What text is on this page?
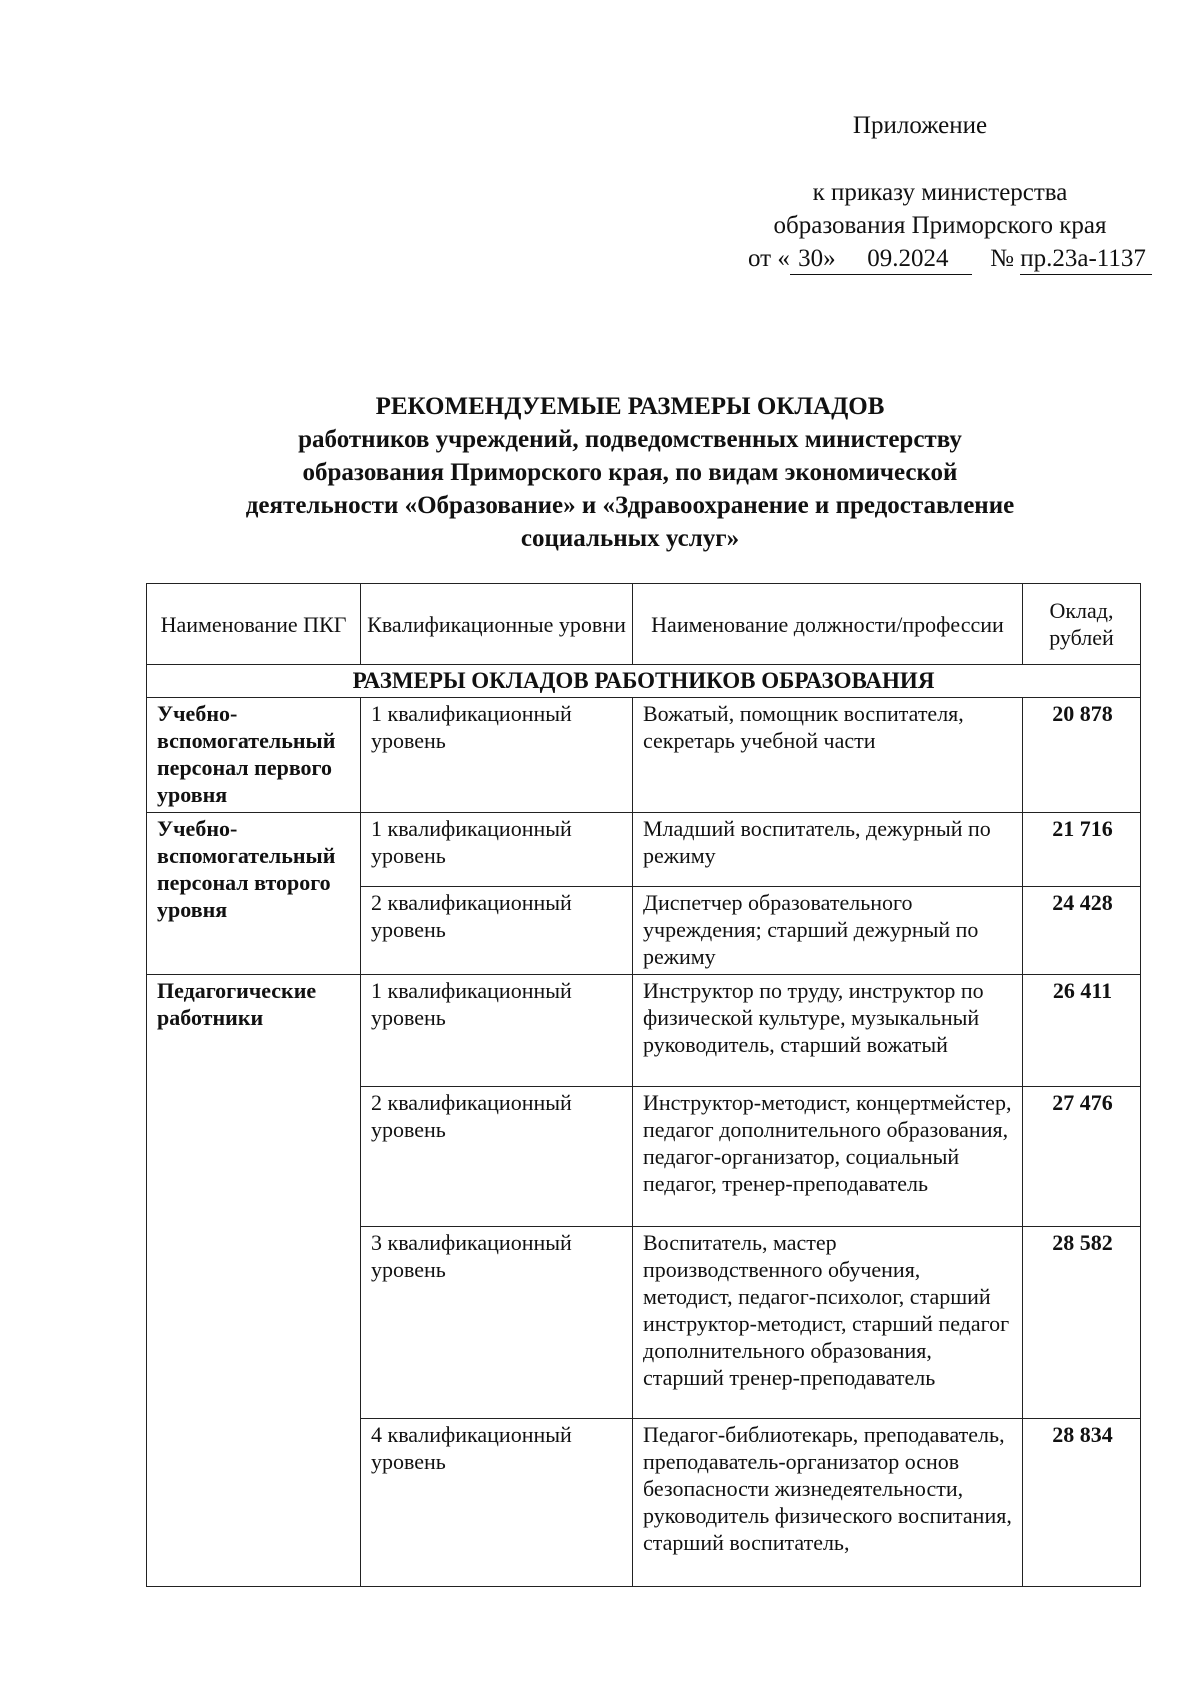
Приложение
к приказу министерства
образования Приморского края
от « 30» 09.2024 № пр.23а-1137
РЕКОМЕНДУЕМЫЕ РАЗМЕРЫ ОКЛАДОВ
работников учреждений, подведомственных министерству
образования Приморского края, по видам экономической
деятельности «Образование» и «Здравоохранение и предоставление
социальных услуг»
Наименование ПКГ	Квалификационные уровни	Наименование должности/профессии	Оклад, рублей
РАЗМЕРЫ ОКЛАДОВ РАБОТНИКОВ ОБРАЗОВАНИЯ			
Учебно-вспомогательный персонал первого уровня	1 квалификационный уровень	Вожатый, помощник воспитателя, секретарь учебной части	20 878
Учебно-вспомогательный персонал второго уровня	1 квалификационный уровень	Младший воспитатель, дежурный по режиму	21 716
	2 квалификационный уровень	Диспетчер образовательного учреждения; старший дежурный по режиму	24 428
Педагогические работники	1 квалификационный уровень	Инструктор по труду, инструктор по физической культуре, музыкальный руководитель, старший вожатый	26 411
	2 квалификационный уровень	Инструктор-методист, концертмейстер, педагог дополнительного образования, педагог-организатор, социальный педагог, тренер-преподаватель	27 476
	3 квалификационный уровень	Воспитатель, мастер производственного обучения, методист, педагог-психолог, старший инструктор-методист, старший педагог дополнительного образования, старший тренер-преподаватель	28 582
	4 квалификационный уровень	Педагог-библиотекарь, преподаватель, преподаватель-организатор основ безопасности жизнедеятельности, руководитель физического воспитания, старший воспитатель,	28 834
